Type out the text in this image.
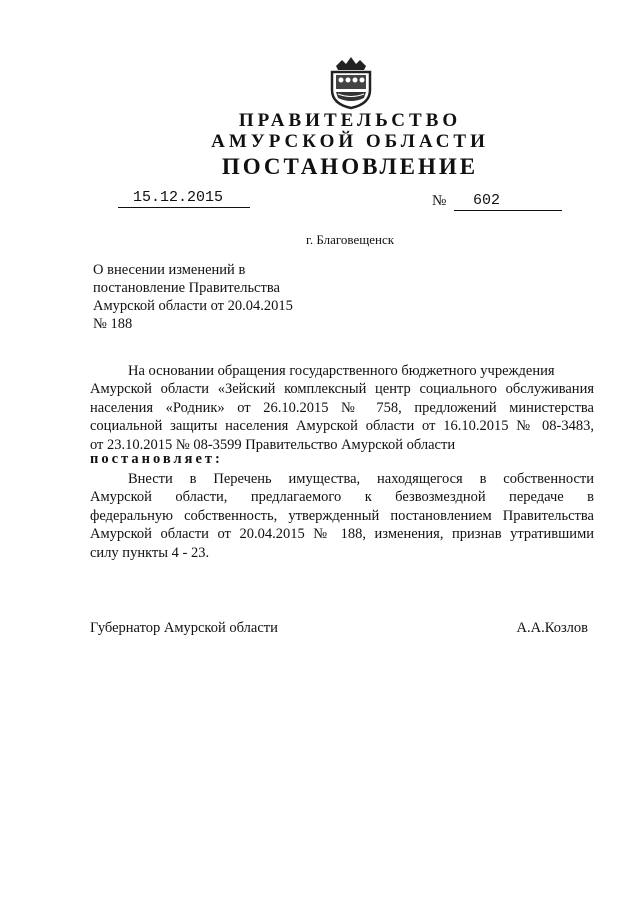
ПРАВИТЕЛЬСТВО
АМУРСКОЙ ОБЛАСТИ
ПОСТАНОВЛЕНИЕ
15.12.2015	№ 602
г. Благовещенск
О внесении изменений в
постановление Правительства
Амурской области от 20.04.2015
№ 188
На основании обращения государственного бюджетного учреждения
Амурской области «Зейский комплексный центр социального обслуживания
населения «Родник» от 26.10.2015 № 758, предложений министерства
социальной защиты населения Амурской области от 16.10.2015 № 08-3483,
от 23.10.2015 № 08-3599 Правительство Амурской области
постановляет:
Внести в Перечень имущества, находящегося в собственности
Амурской области, предлагаемого к безвозмездной передаче в
федеральную собственность, утвержденный постановлением Правительства
Амурской области от 20.04.2015 № 188, изменения, признав утратившими
силу пункты 4 - 23.
Губернатор Амурской области	А.А.Козлов
